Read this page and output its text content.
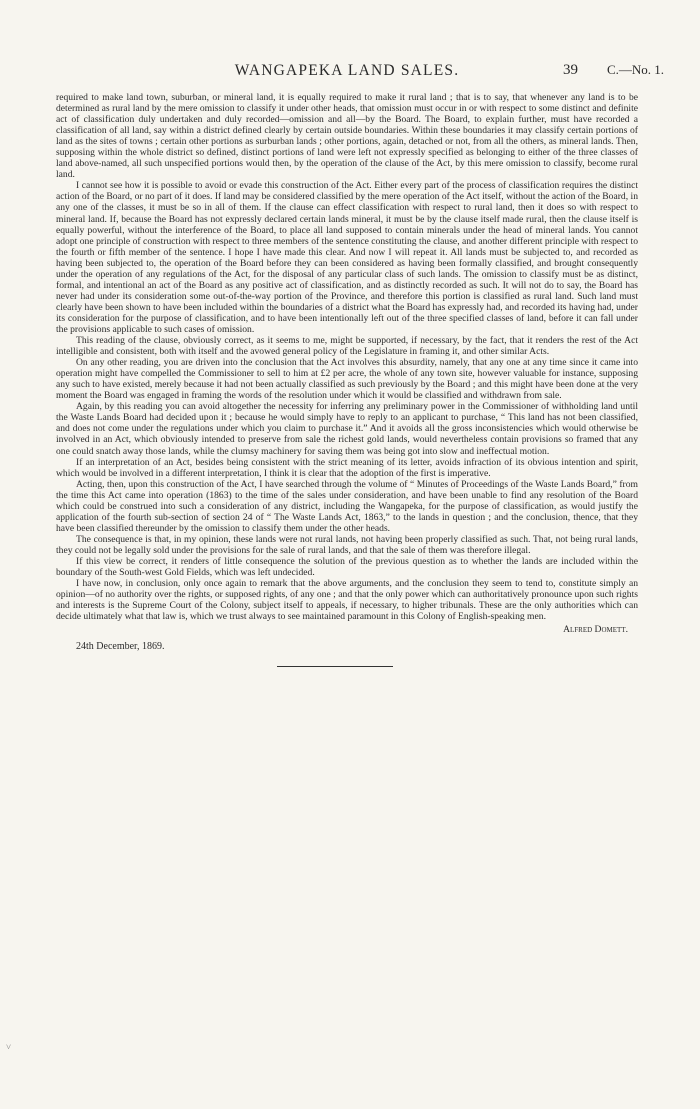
WANGAPEKA LAND SALES.	39 C.—No. 1.

required to make land town, suburban, or mineral land, it is equally required to make it rural land ; that is to say, that whenever any land is to be determined as rural land by the mere omission to classify it under other heads, that omission must occur in or with respect to some distinct and definite act of classification duly undertaken and duly recorded—omission and all—by the Board. The Board, to explain further, must have recorded a classification of all land, say within a district defined clearly by certain outside boundaries. Within these boundaries it may classify certain portions of land as the sites of towns ; certain other portions as surburban lands ; other portions, again, detached or not, from all the others, as mineral lands. Then, supposing within the whole district so defined, distinct portions of land were left not expressly specified as belonging to either of the three classes of land above-named, all such unspecified portions would then, by the operation of the clause of the Act, by this mere omission to classify, become rural land.

I cannot see how it is possible to avoid or evade this construction of the Act. Either every part of the process of classification requires the distinct action of the Board, or no part of it does. If land may be considered classified by the mere operation of the Act itself, without the action of the Board, in any one of the classes, it must be so in all of them. If the clause can effect classification with respect to rural land, then it does so with respect to mineral land. If, because the Board has not expressly declared certain lands mineral, it must be by the clause itself made rural, then the clause itself is equally powerful, without the interference of the Board, to place all land supposed to contain minerals under the head of mineral lands. You cannot adopt one principle of construction with respect to three members of the sentence constituting the clause, and another different principle with respect to the fourth or fifth member of the sentence. I hope I have made this clear. And now I will repeat it. All lands must be subjected to, and recorded as having been subjected to, the operation of the Board before they can been considered as having been formally classified, and brought consequently under the operation of any regulations of the Act, for the disposal of any particular class of such lands. The omission to classify must be as distinct, formal, and intentional an act of the Board as any positive act of classification, and as distinctly recorded as such. It will not do to say, the Board has never had under its consideration some out-of-the-way portion of the Province, and therefore this portion is classified as rural land. Such land must clearly have been shown to have been included within the boundaries of a district what the Board has expressly had, and recorded its having had, under its consideration for the purpose of classification, and to have been intentionally left out of the three specified classes of land, before it can fall under the provisions applicable to such cases of omission.

This reading of the clause, obviously correct, as it seems to me, might be supported, if necessary, by the fact, that it renders the rest of the Act intelligible and consistent, both with itself and the avowed general policy of the Legislature in framing it, and other similar Acts.

On any other reading, you are driven into the conclusion that the Act involves this absurdity, namely, that any one at any time since it came into operation might have compelled the Commissioner to sell to him at £2 per acre, the whole of any town site, however valuable for instance, supposing any such to have existed, merely because it had not been actually classified as such previously by the Board ; and this might have been done at the very moment the Board was engaged in framing the words of the resolution under which it would be classified and withdrawn from sale.

Again, by this reading you can avoid altogether the necessity for inferring any preliminary power in the Commissioner of withholding land until the Waste Lands Board had decided upon it ; because he would simply have to reply to an applicant to purchase, “ This land has not been classified, and does not come under the regulations under which you claim to purchase it.” And it avoids all the gross inconsistencies which would otherwise be involved in an Act, which obviously intended to preserve from sale the richest gold lands, would nevertheless contain provisions so framed that any one could snatch away those lands, while the clumsy machinery for saving them was being got into slow and ineffectual motion.

If an interpretation of an Act, besides being consistent with the strict meaning of its letter, avoids infraction of its obvious intention and spirit, which would be involved in a different interpretation, I think it is clear that the adoption of the first is imperative.

Acting, then, upon this construction of the Act, I have searched through the volume of “ Minutes of Proceedings of the Waste Lands Board,” from the time this Act came into operation (1863) to the time of the sales under consideration, and have been unable to find any resolution of the Board which could be construed into such a consideration of any district, including the Wangapeka, for the purpose of classification, as would justify the application of the fourth sub-section of section 24 of “ The Waste Lands Act, 1863,” to the lands in question ; and the conclusion, thence, that they have been classified thereunder by the omission to classify them under the other heads.

The consequence is that, in my opinion, these lands were not rural lands, not having been properly classified as such. That, not being rural lands, they could not be legally sold under the provisions for the sale of rural lands, and that the sale of them was therefore illegal.

If this view be correct, it renders of little consequence the solution of the previous question as to whether the lands are included within the boundary of the South-west Gold Fields, which was left undecided.

I have now, in conclusion, only once again to remark that the above arguments, and the conclusion they seem to tend to, constitute simply an opinion—of no authority over the rights, or supposed rights, of any one ; and that the only power which can authoritatively pronounce upon such rights and interests is the Supreme Court of the Colony, subject itself to appeals, if necessary, to higher tribunals. These are the only authorities which can decide ultimately what that law is, which we trust always to see maintained paramount in this Colony of English-speaking men.

Alfred Domett.
24th December, 1869.
˅
